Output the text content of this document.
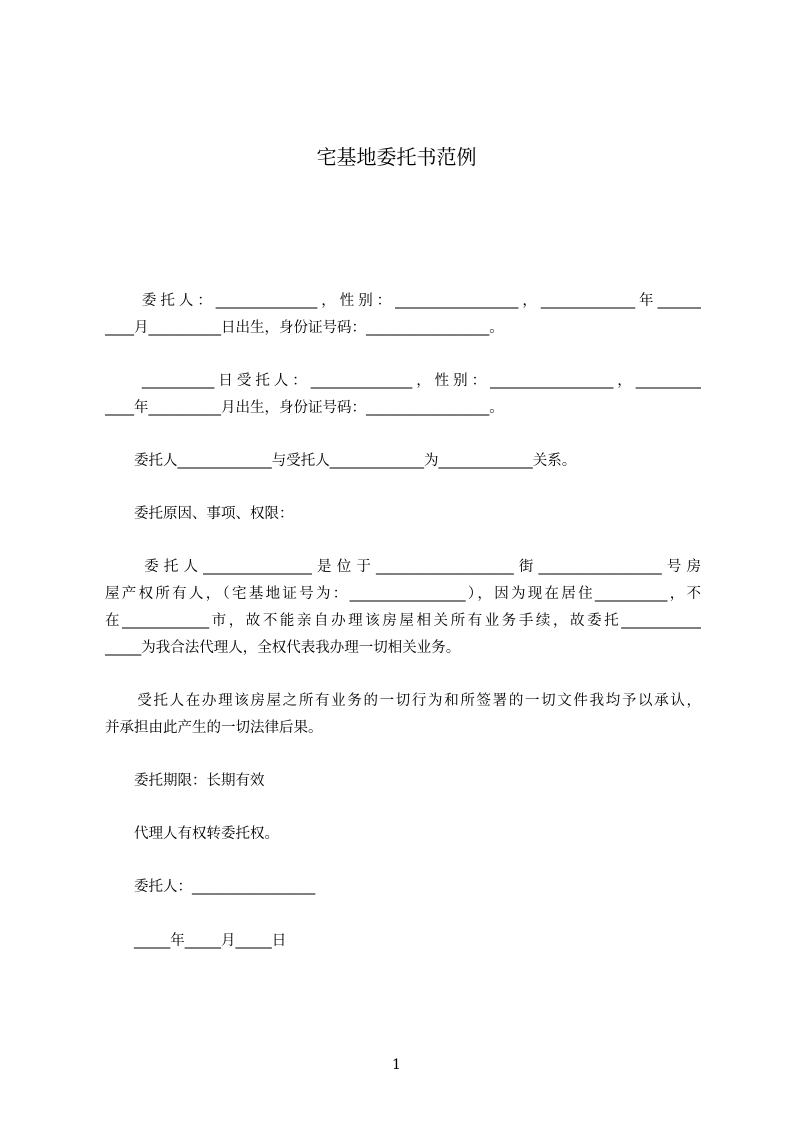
宅基地委托书范例
　　委托人：______________，性别：_________________，_____________年______
____月__________日出生，身份证号码：_________________。
　　__________日受托人：______________，性别：_________________，_________
____年__________月出生，身份证号码：_________________。
　　委托人_____________与受托人_____________为_____________关系。
　　委托原因、事项、权限：
　　委托人_______________是位于___________________街_________________号房
屋产权所有人，（宅基地证号为：________________），因为现在居住__________，不
在____________市，故不能亲自办理该房屋相关所有业务手续，故委托___________
_____为我合法代理人，全权代表我办理一切相关业务。
　　受托人在办理该房屋之所有业务的一切行为和所签署的一切文件我均予以承认，
并承担由此产生的一切法律后果。
　　委托期限：长期有效
　　代理人有权转委托权。
　　委托人：_________________
　　_____年_____月_____日
1
